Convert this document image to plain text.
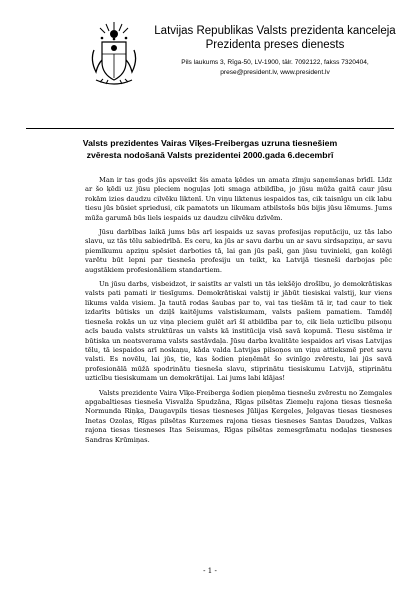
Latvijas Republikas Valsts prezidenta kanceleja
Prezidenta preses dienests
Pils laukums 3, Rīga-50, LV-1900, tālr. 7092122, fakss 7320404,
prese@president.lv, www.president.lv
Valsts prezidentes Vairas Vīķes-Freibergas uzruna tiesnešiem
zvēresta nodošanā Valsts prezidentei 2000.gada 6.decembrī

Man ir tas gods jūs apsveikt šis amata ķēdes un amata zīmju saņemšanas brīdī. Līdz ar šo ķēdi uz jūsu pleciem noguļas ļoti smaga atbildība, jo jūsu mūža gaitā caur jūsu rokām izies daudzu cilvēku liktenī. Un viņu liktenus iespaidos tas, cik taisnīgu un cik labu tiesu jūs būsiet spriedusi, cik pamatots un likumam atbilstošs būs bijis jūsu lēmums. Jums mūža garumā būs liels iespaids uz daudzu cilvēku dzīvēm.

Jūsu darbības laikā jums būs arī iespaids uz savas profesijas reputāciju, uz tās labo slavu, uz tās tēlu sabiedrībā. Es ceru, ka jūs ar savu darbu un ar savu sirdsapziņu, ar savu piemīkumu apziņu spēsiet darboties tā, lai gan jūs paši, gan jūsu tuvinieki, gan kolēģi varētu būt lepni par tiesneša profesiju un teikt, ka Latvijā tiesneši darbojas pēc augstākiem profesionāliem standartiem.

Un jūsu darbs, visbeidzot, ir saistīts ar valsti un tās iekšējo drošību, jo demokrātiskas valsts pati pamati ir tiesīgums. Demokrātiskai valstij ir jābūt tiesiskai valstij, kur viens likums valda visiem. Ja tautā rodas šaubas par to, vai tas tiešām tā ir, tad caur to tiek izdarīts būtisks un dziļš kaitējums valstiskumam, valsts pašiem pamatiem. Tamdēļ tiesneša rokās un uz viņa pleciem gulēt arī šī atbildība par to, cik liela uzticību pilsoņu acīs bauda valsts struktūras un valsts kā institūcija visā savā kopumā. Tiesu sistēma ir būtiska un neatsverama valsts sastāvdaļa. Jūsu darba kvalitāte iespaidos arī visas Latvijas tēlu, tā iespaidos arī noskaņu, kāda valda Latvijas pilsoņos un viņu attieksmē pret savu valsti. Es novēlu, lai jūs, tie, kas šodien pieņēmāt šo svinīgo zvērestu, lai jūs savā profesionālā mūžā spodrinātu tiesneša slavu, stiprinātu tiesiskumu Latvijā, stiprinātu uzticību tiesiskumam un demokrātijai. Lai jums labi klājas!

Valsts prezidente Vaira Vīķe-Freiberga šodien pieņēma tiesnešu zvērestu no Zemgales apgabaltiesas tiesneša Visvalža Spudzāna, Rīgas pilsētas Ziemeļu rajona tiesas tiesneša Normunda Riņķa, Daugavpils tiesas tiesneses Jūlijas Ķergeles, Jelgavas tiesas tiesneses Inetas Ozolas, Rīgas pilsētas Kurzemes rajona tiesas tiesneses Santas Daudzes, Valkas rajona tiesas tiesneses Itas Seisumas, Rīgas pilsētas zemesgrāmatu nodaļas tiesneses Sandras Krūmiņas.

- 1 -
